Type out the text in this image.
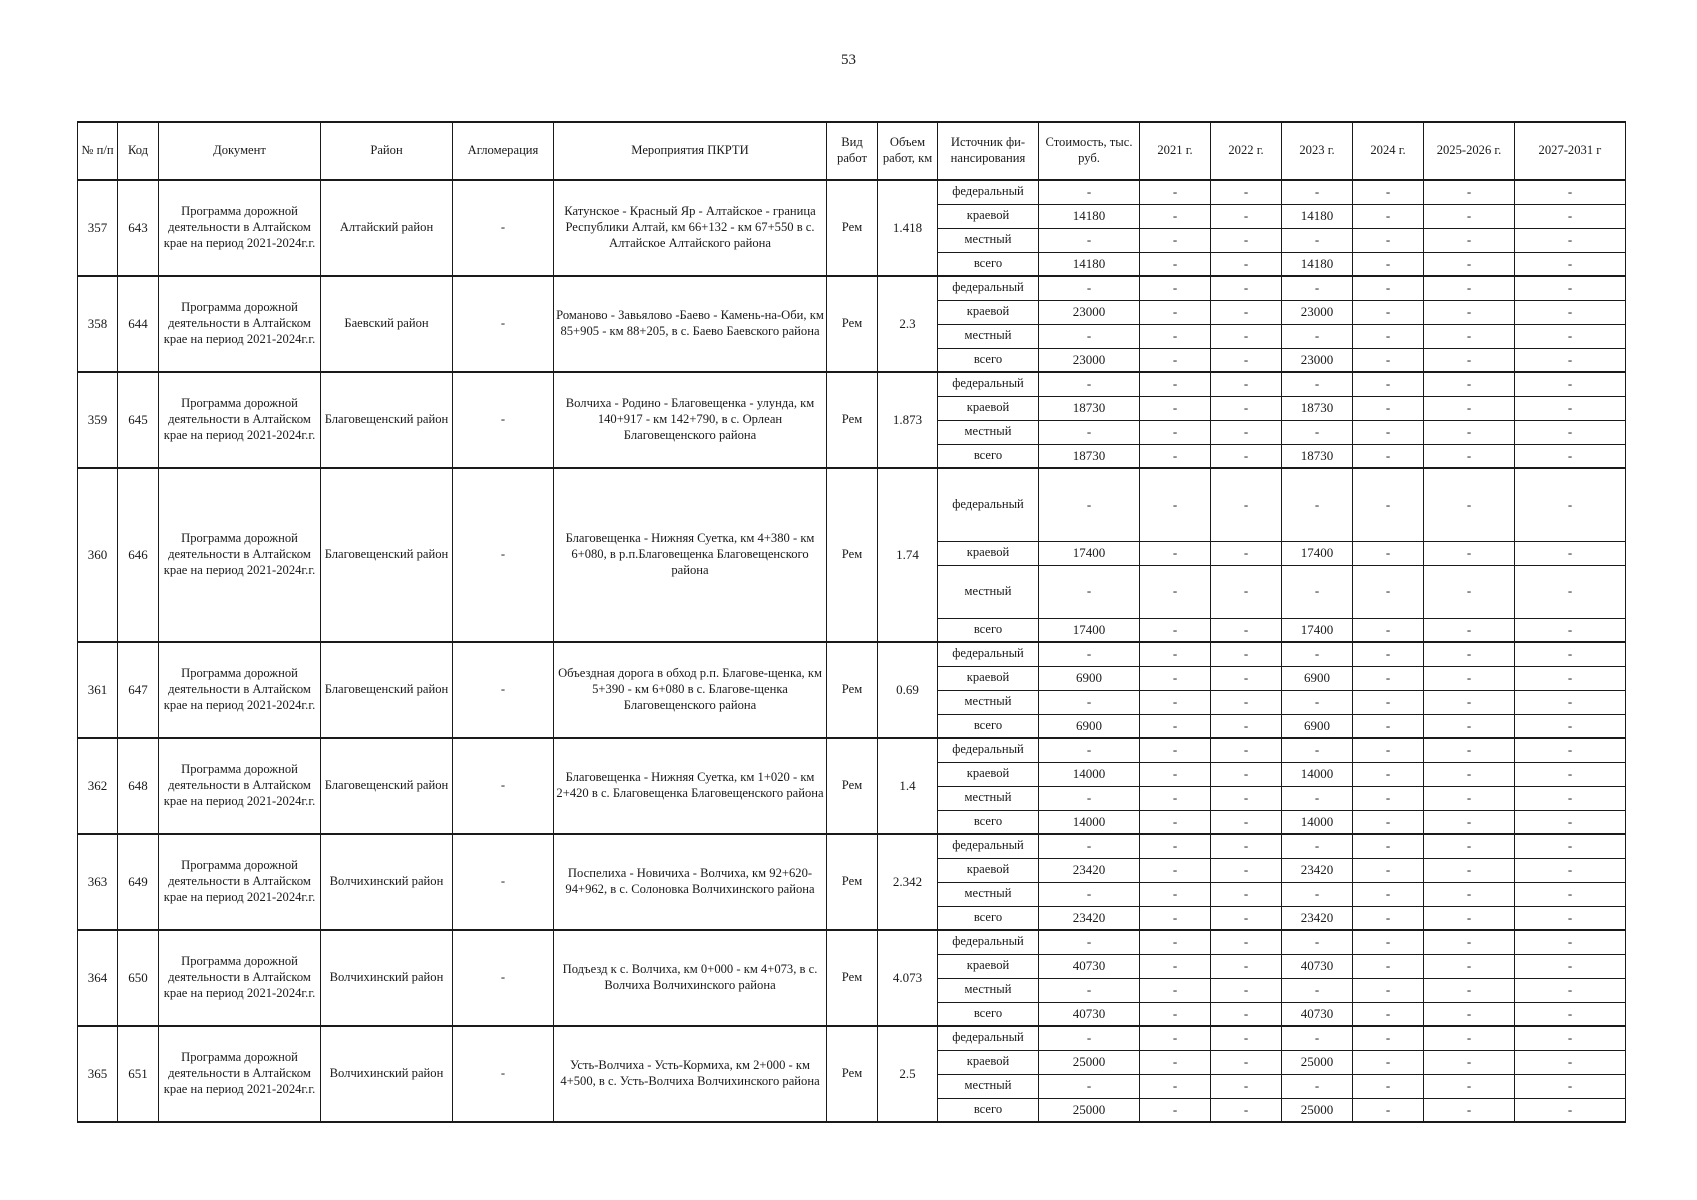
53
№ п/п	Код	Документ	Район	Агломерация	Мероприятия ПКРТИ	Вид работ	Объем работ, км	Источник фи-нансирования	Стоимость, тыс. руб.	2021 г.	2022 г.	2023 г.	2024 г.	2025-2026 г.	2027-2031 г
357	643	Программа дорожной деятельности в Алтайском крае на период 2021-2024г.г.	Алтайский район	-	Катунское - Красный Яр - Алтайское - граница Республики Алтай, км 66+132 - км 67+550 в с. Алтайское Алтайского района	Рем	1.418	федеральный	-	-	-	-	-	-	-
								краевой	14180	-	-	14180	-	-	-
								местный	-	-	-	-	-	-	-
								всего	14180	-	-	14180	-	-	-
358	644	Программа дорожной деятельности в Алтайском крае на период 2021-2024г.г.	Баевский район	-	Романово - Завьялово -Баево - Камень-на-Оби, км 85+905 - км 88+205, в с. Баево Баевского района	Рем	2.3	федеральный	-	-	-	-	-	-	-
								краевой	23000	-	-	23000	-	-	-
								местный	-	-	-	-	-	-	-
								всего	23000	-	-	23000	-	-	-
359	645	Программа дорожной деятельности в Алтайском крае на период 2021-2024г.г.	Благовещенский район	-	Волчиха - Родино - Благовещенка - улунда, км 140+917 - км 142+790, в с. Орлеан Благовещенского района	Рем	1.873	федеральный	-	-	-	-	-	-	-
								краевой	18730	-	-	18730	-	-	-
								местный	-	-	-	-	-	-	-
								всего	18730	-	-	18730	-	-	-
360	646	Программа дорожной деятельности в Алтайском крае на период 2021-2024г.г.	Благовещенский район	-	Благовещенка - Нижняя Суетка, км 4+380 - км 6+080, в р.п.Благовещенка Благовещенского района	Рем	1.74	федеральный	-	-	-	-	-	-	-
								краевой	17400	-	-	17400	-	-	-
								местный	-	-	-	-	-	-	-
								всего	17400	-	-	17400	-	-	-
361	647	Программа дорожной деятельности в Алтайском крае на период 2021-2024г.г.	Благовещенский район	-	Объездная дорога в обход р.п. Благове-щенка, км 5+390 - км 6+080 в с. Благове-щенка Благовещенского района	Рем	0.69	федеральный	-	-	-	-	-	-	-
								краевой	6900	-	-	6900	-	-	-
								местный	-	-	-	-	-	-	-
								всего	6900	-	-	6900	-	-	-
362	648	Программа дорожной деятельности в Алтайском крае на период 2021-2024г.г.	Благовещенский район	-	Благовещенка - Нижняя Суетка, км 1+020 - км 2+420 в с. Благовещенка Благовещенского района	Рем	1.4	федеральный	-	-	-	-	-	-	-
								краевой	14000	-	-	14000	-	-	-
								местный	-	-	-	-	-	-	-
								всего	14000	-	-	14000	-	-	-
363	649	Программа дорожной деятельности в Алтайском крае на период 2021-2024г.г.	Волчихинский район	-	Поспелиха - Новичиха - Волчиха, км 92+620-94+962, в с. Солоновка Волчихинского района	Рем	2.342	федеральный	-	-	-	-	-	-	-
								краевой	23420	-	-	23420	-	-	-
								местный	-	-	-	-	-	-	-
								всего	23420	-	-	23420	-	-	-
364	650	Программа дорожной деятельности в Алтайском крае на период 2021-2024г.г.	Волчихинский район	-	Подъезд к с. Волчиха, км 0+000 - км 4+073, в с. Волчиха Волчихинского района	Рем	4.073	федеральный	-	-	-	-	-	-	-
								краевой	40730	-	-	40730	-	-	-
								местный	-	-	-	-	-	-	-
								всего	40730	-	-	40730	-	-	-
365	651	Программа дорожной деятельности в Алтайском крае на период 2021-2024г.г.	Волчихинский район	-	Усть-Волчиха - Усть-Кормиха, км 2+000 - км 4+500, в с. Усть-Волчиха Волчихинского района	Рем	2.5	федеральный	-	-	-	-	-	-	-
								краевой	25000	-	-	25000	-	-	-
								местный	-	-	-	-	-	-	-
								всего	25000	-	-	25000	-	-	-
